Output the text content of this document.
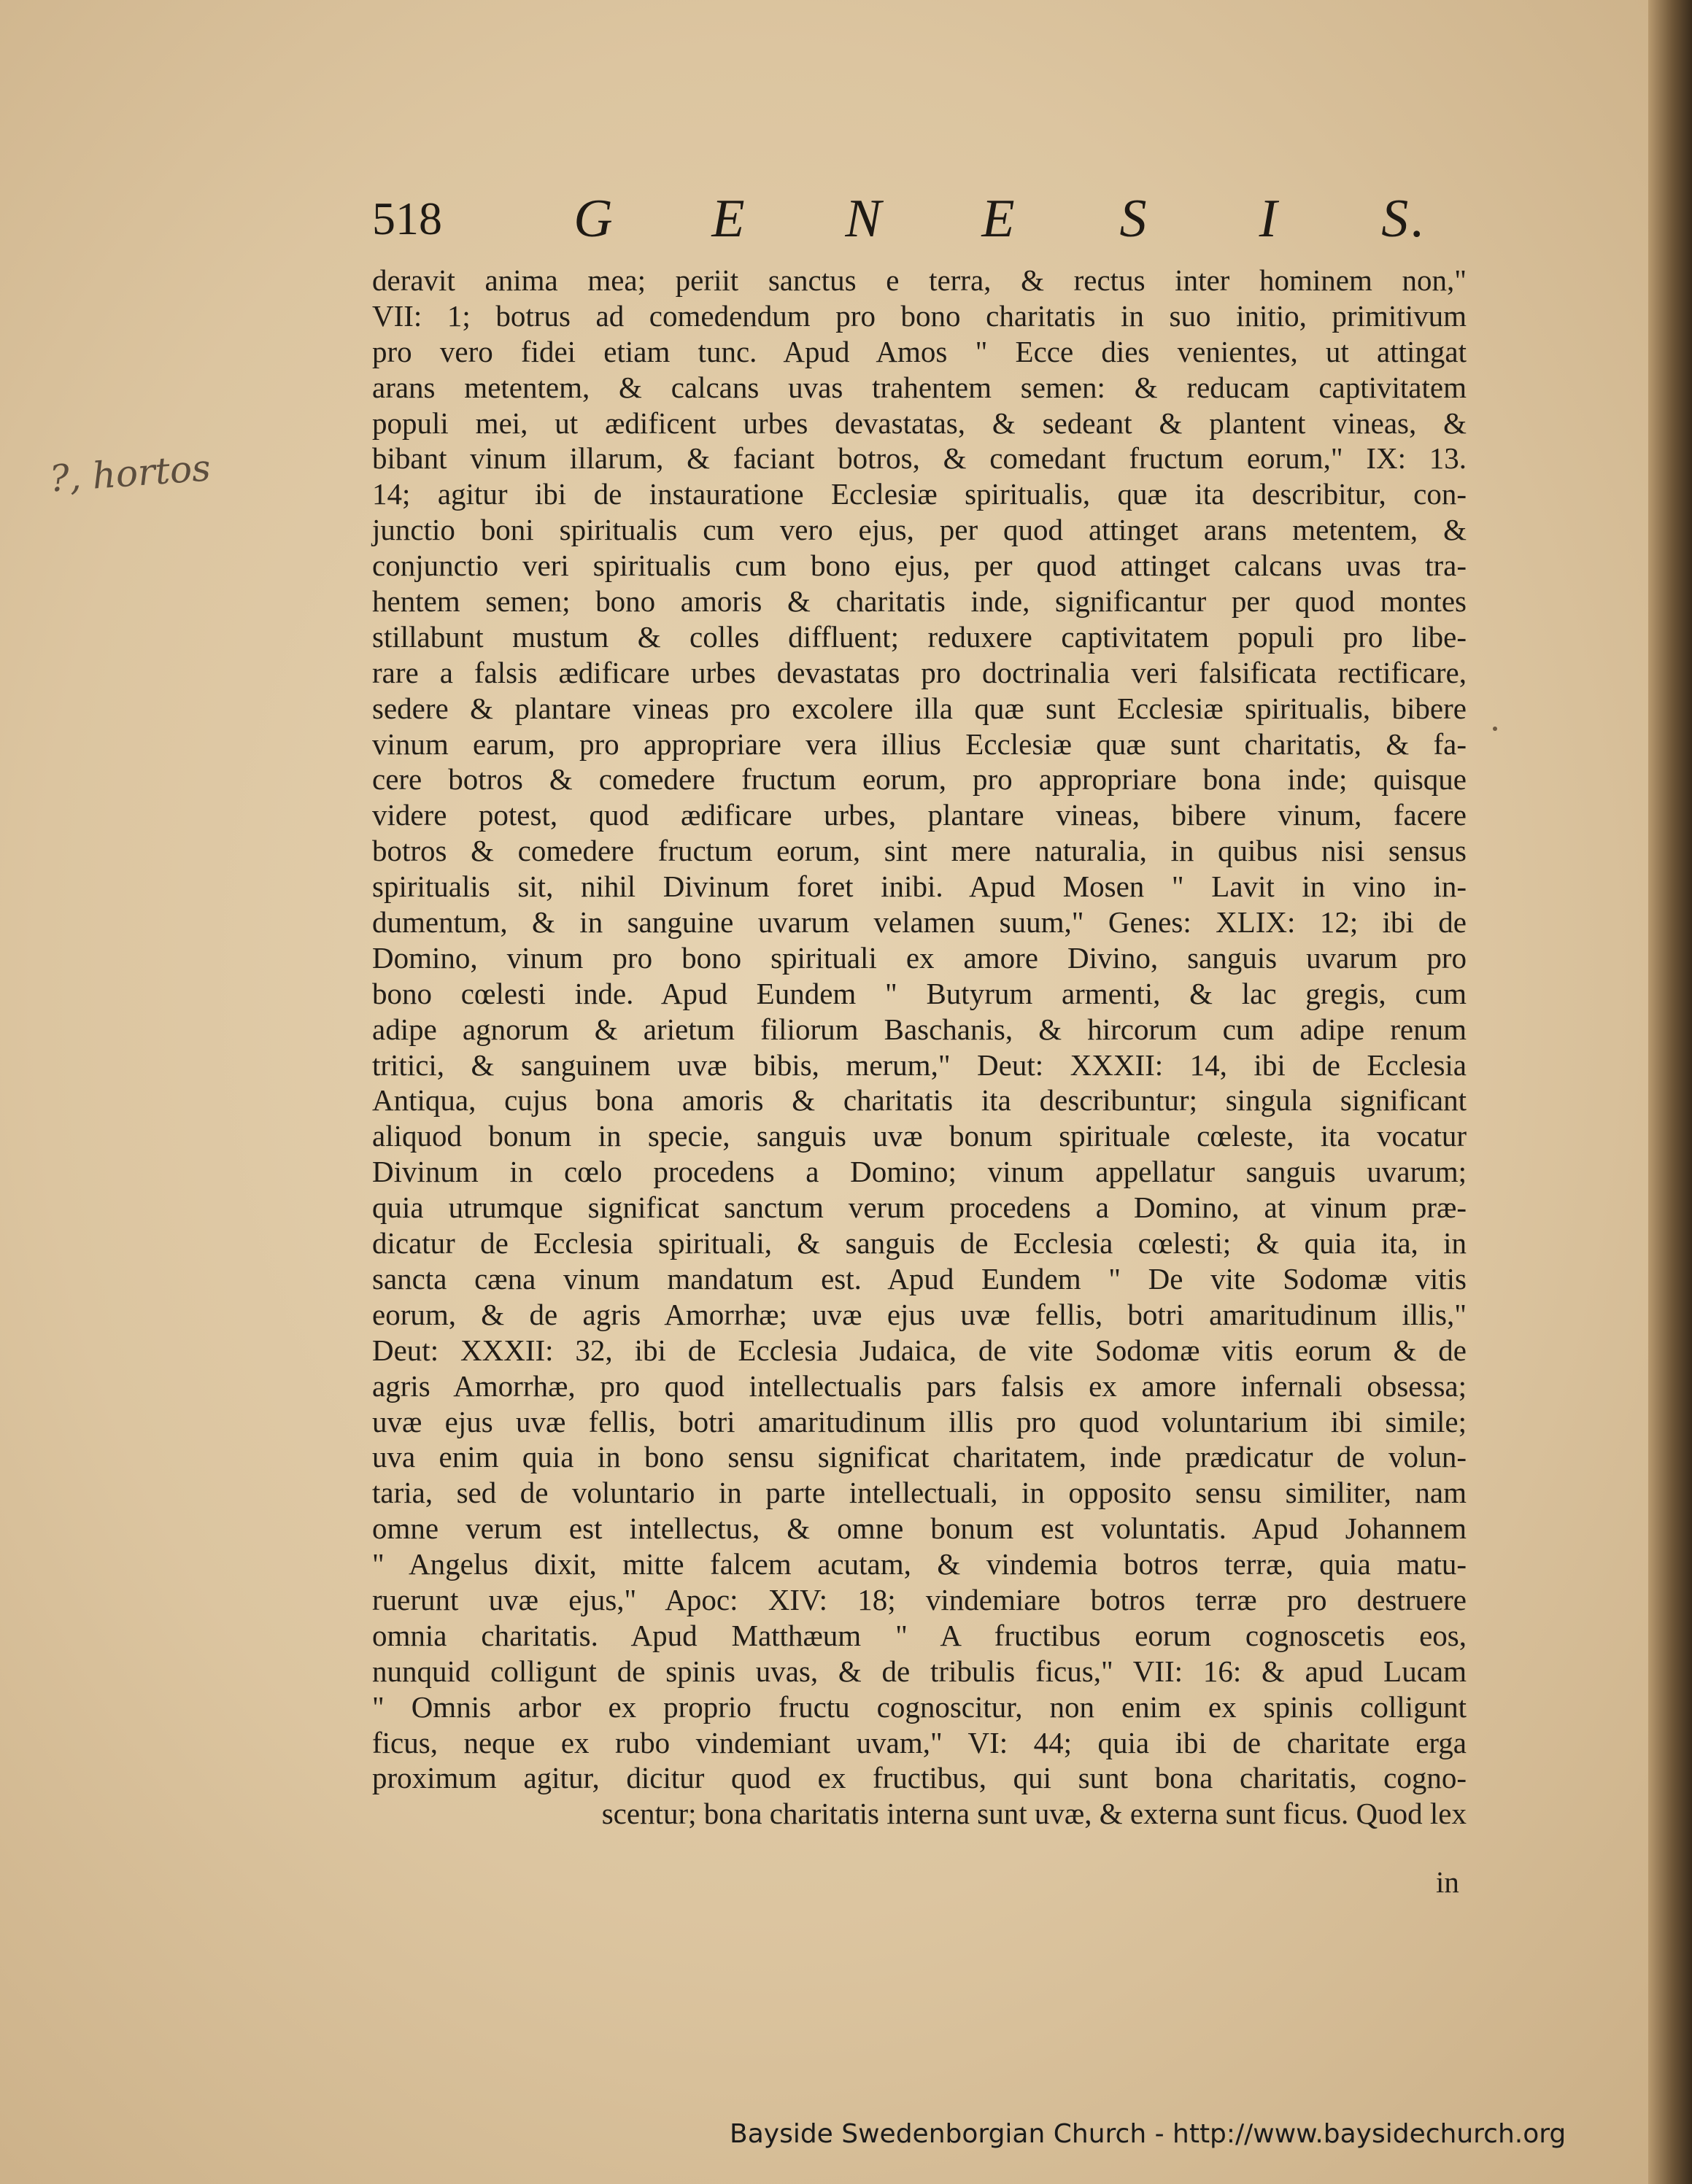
?, hortos
518 G E N E S I S.
deravit anima mea; periit sanctus e terra, & rectus inter hominem non,"
VII: 1; botrus ad comedendum pro bono charitatis in suo initio, primitivum
pro vero fidei etiam tunc. Apud Amos " Ecce dies venientes, ut attingat
arans metentem, & calcans uvas trahentem semen: & reducam captivitatem
populi mei, ut ædificent urbes devastatas, & sedeant & plantent vineas, &
bibant vinum illarum, & faciant botros, & comedant fructum eorum," IX: 13.
14; agitur ibi de instauratione Ecclesiæ spiritualis, quæ ita describitur, con-
junctio boni spiritualis cum vero ejus, per quod attinget arans metentem, &
conjunctio veri spiritualis cum bono ejus, per quod attinget calcans uvas tra-
hentem semen; bono amoris & charitatis inde, significantur per quod montes
stillabunt mustum & colles diffluent; reduxere captivitatem populi pro libe-
rare a falsis ædificare urbes devastatas pro doctrinalia veri falsificata rectificare,
sedere & plantare vineas pro excolere illa quæ sunt Ecclesiæ spiritualis, bibere
vinum earum, pro appropriare vera illius Ecclesiæ quæ sunt charitatis, & fa-
cere botros & comedere fructum eorum, pro appropriare bona inde; quisque
videre potest, quod ædificare urbes, plantare vineas, bibere vinum, facere
botros & comedere fructum eorum, sint mere naturalia, in quibus nisi sensus
spiritualis sit, nihil Divinum foret inibi. Apud Mosen " Lavit in vino in-
dumentum, & in sanguine uvarum velamen suum," Genes: XLIX: 12; ibi de
Domino, vinum pro bono spirituali ex amore Divino, sanguis uvarum pro
bono cœlesti inde. Apud Eundem " Butyrum armenti, & lac gregis, cum
adipe agnorum & arietum filiorum Baschanis, & hircorum cum adipe renum
tritici, & sanguinem uvæ bibis, merum," Deut: XXXII: 14, ibi de Ecclesia
Antiqua, cujus bona amoris & charitatis ita describuntur; singula significant
aliquod bonum in specie, sanguis uvæ bonum spirituale cœleste, ita vocatur
Divinum in cœlo procedens a Domino; vinum appellatur sanguis uvarum;
quia utrumque significat sanctum verum procedens a Domino, at vinum præ-
dicatur de Ecclesia spirituali, & sanguis de Ecclesia cœlesti; & quia ita, in
sancta cæna vinum mandatum est. Apud Eundem " De vite Sodomæ vitis
eorum, & de agris Amorrhæ; uvæ ejus uvæ fellis, botri amaritudinum illis,"
Deut: XXXII: 32, ibi de Ecclesia Judaica, de vite Sodomæ vitis eorum & de
agris Amorrhæ, pro quod intellectualis pars falsis ex amore infernali obsessa;
uvæ ejus uvæ fellis, botri amaritudinum illis pro quod voluntarium ibi simile;
uva enim quia in bono sensu significat charitatem, inde prædicatur de volun-
taria, sed de voluntario in parte intellectuali, in opposito sensu similiter, nam
omne verum est intellectus, & omne bonum est voluntatis. Apud Johannem
" Angelus dixit, mitte falcem acutam, & vindemia botros terræ, quia matu-
ruerunt uvæ ejus," Apoc: XIV: 18; vindemiare botros terræ pro destruere
omnia charitatis. Apud Matthæum " A fructibus eorum cognoscetis eos,
nunquid colligunt de spinis uvas, & de tribulis ficus," VII: 16: & apud Lucam
" Omnis arbor ex proprio fructu cognoscitur, non enim ex spinis colligunt
ficus, neque ex rubo vindemiant uvam," VI: 44; quia ibi de charitate erga
proximum agitur, dicitur quod ex fructibus, qui sunt bona charitatis, cogno-
scentur; bona charitatis interna sunt uvæ, & externa sunt ficus. Quod lex
in
Bayside Swedenborgian Church - http://www.baysidechurch.org
